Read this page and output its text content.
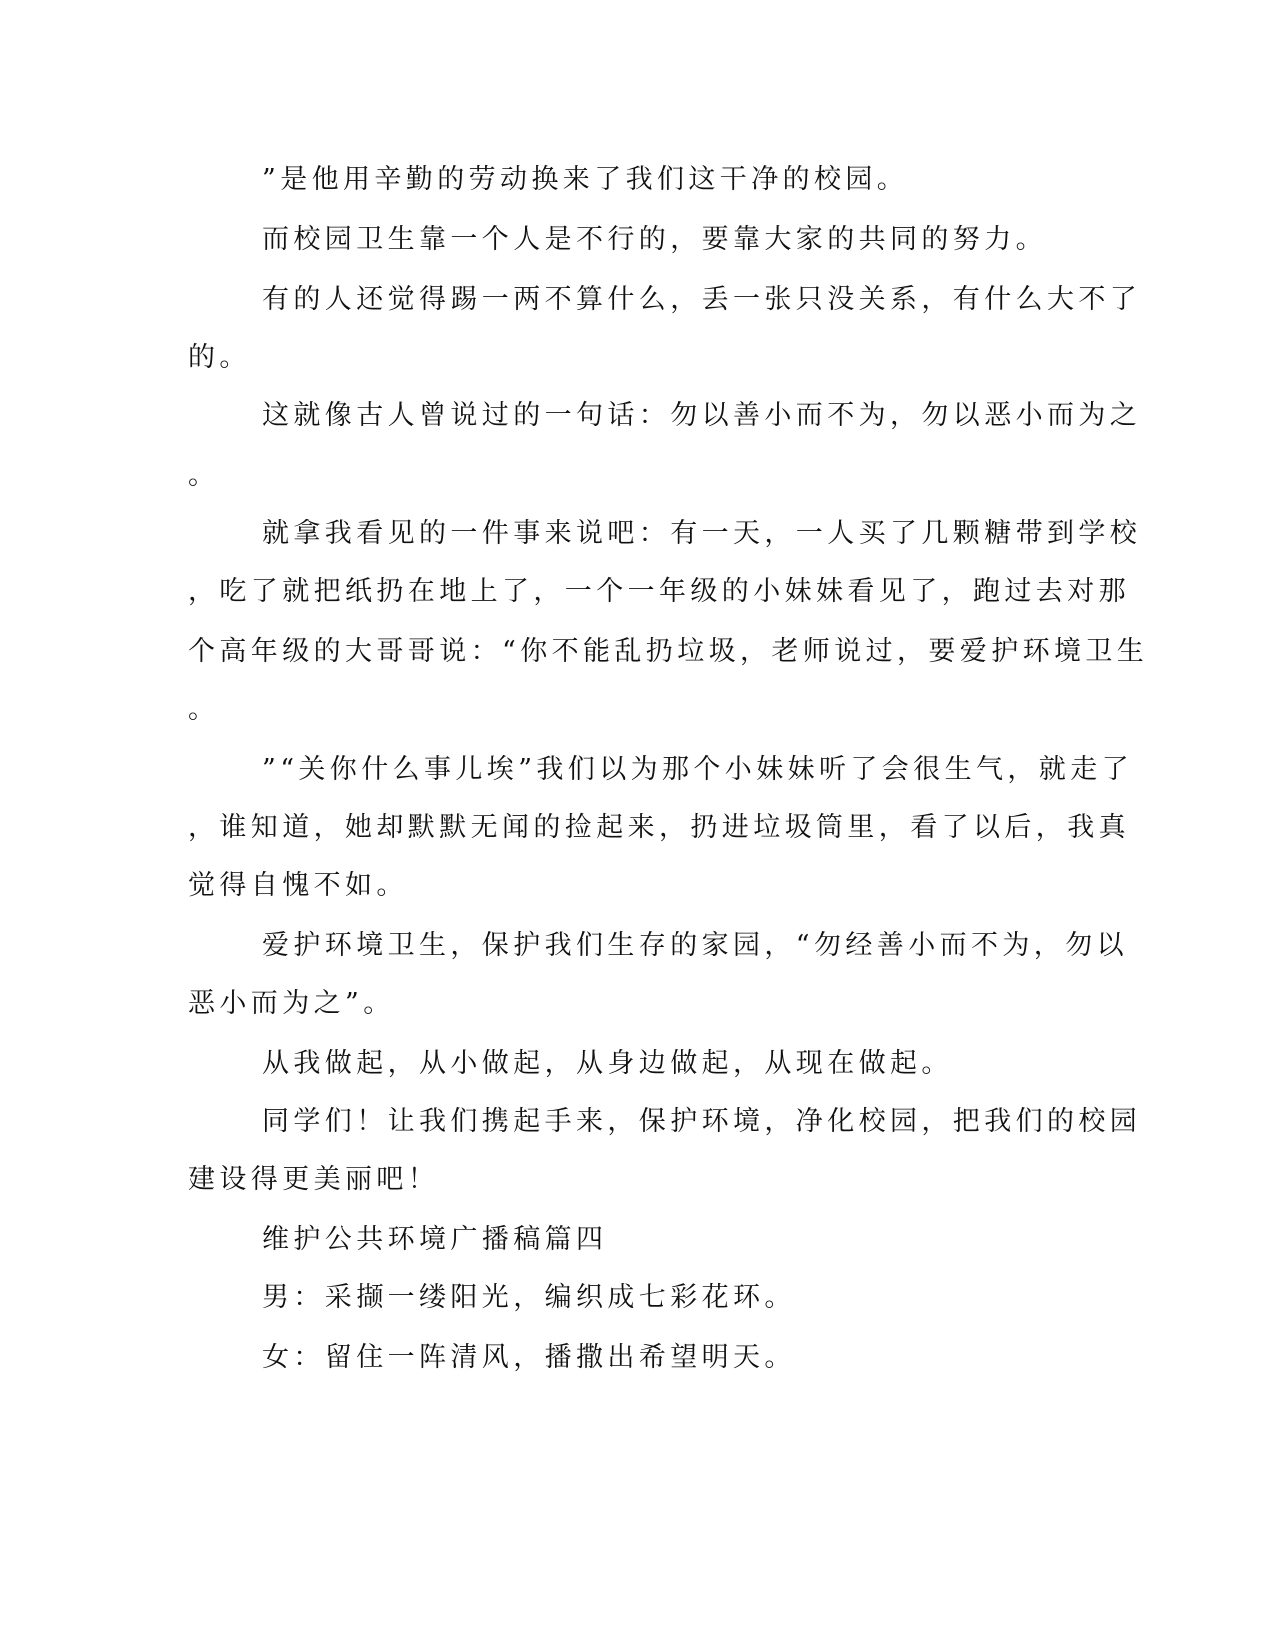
”是他用辛勤的劳动换来了我们这干净的校园。
而校园卫生靠一个人是不行的，要靠大家的共同的努力。
有的人还觉得踢一两不算什么，丢一张只没关系，有什么大不了
的。
这就像古人曾说过的一句话：勿以善小而不为，勿以恶小而为之
。
就拿我看见的一件事来说吧：有一天，一人买了几颗糖带到学校
，吃了就把纸扔在地上了，一个一年级的小妹妹看见了，跑过去对那
个高年级的大哥哥说：“你不能乱扔垃圾，老师说过，要爱护环境卫生
。
”“关你什么事儿埃”我们以为那个小妹妹听了会很生气，就走了
，谁知道，她却默默无闻的捡起来，扔进垃圾筒里，看了以后，我真
觉得自愧不如。
爱护环境卫生，保护我们生存的家园，“勿经善小而不为，勿以
恶小而为之”。
从我做起，从小做起，从身边做起，从现在做起。
同学们！让我们携起手来，保护环境，净化校园，把我们的校园
建设得更美丽吧！
维护公共环境广播稿篇四
男：采撷一缕阳光，编织成七彩花环。
女：留住一阵清风，播撒出希望明天。
